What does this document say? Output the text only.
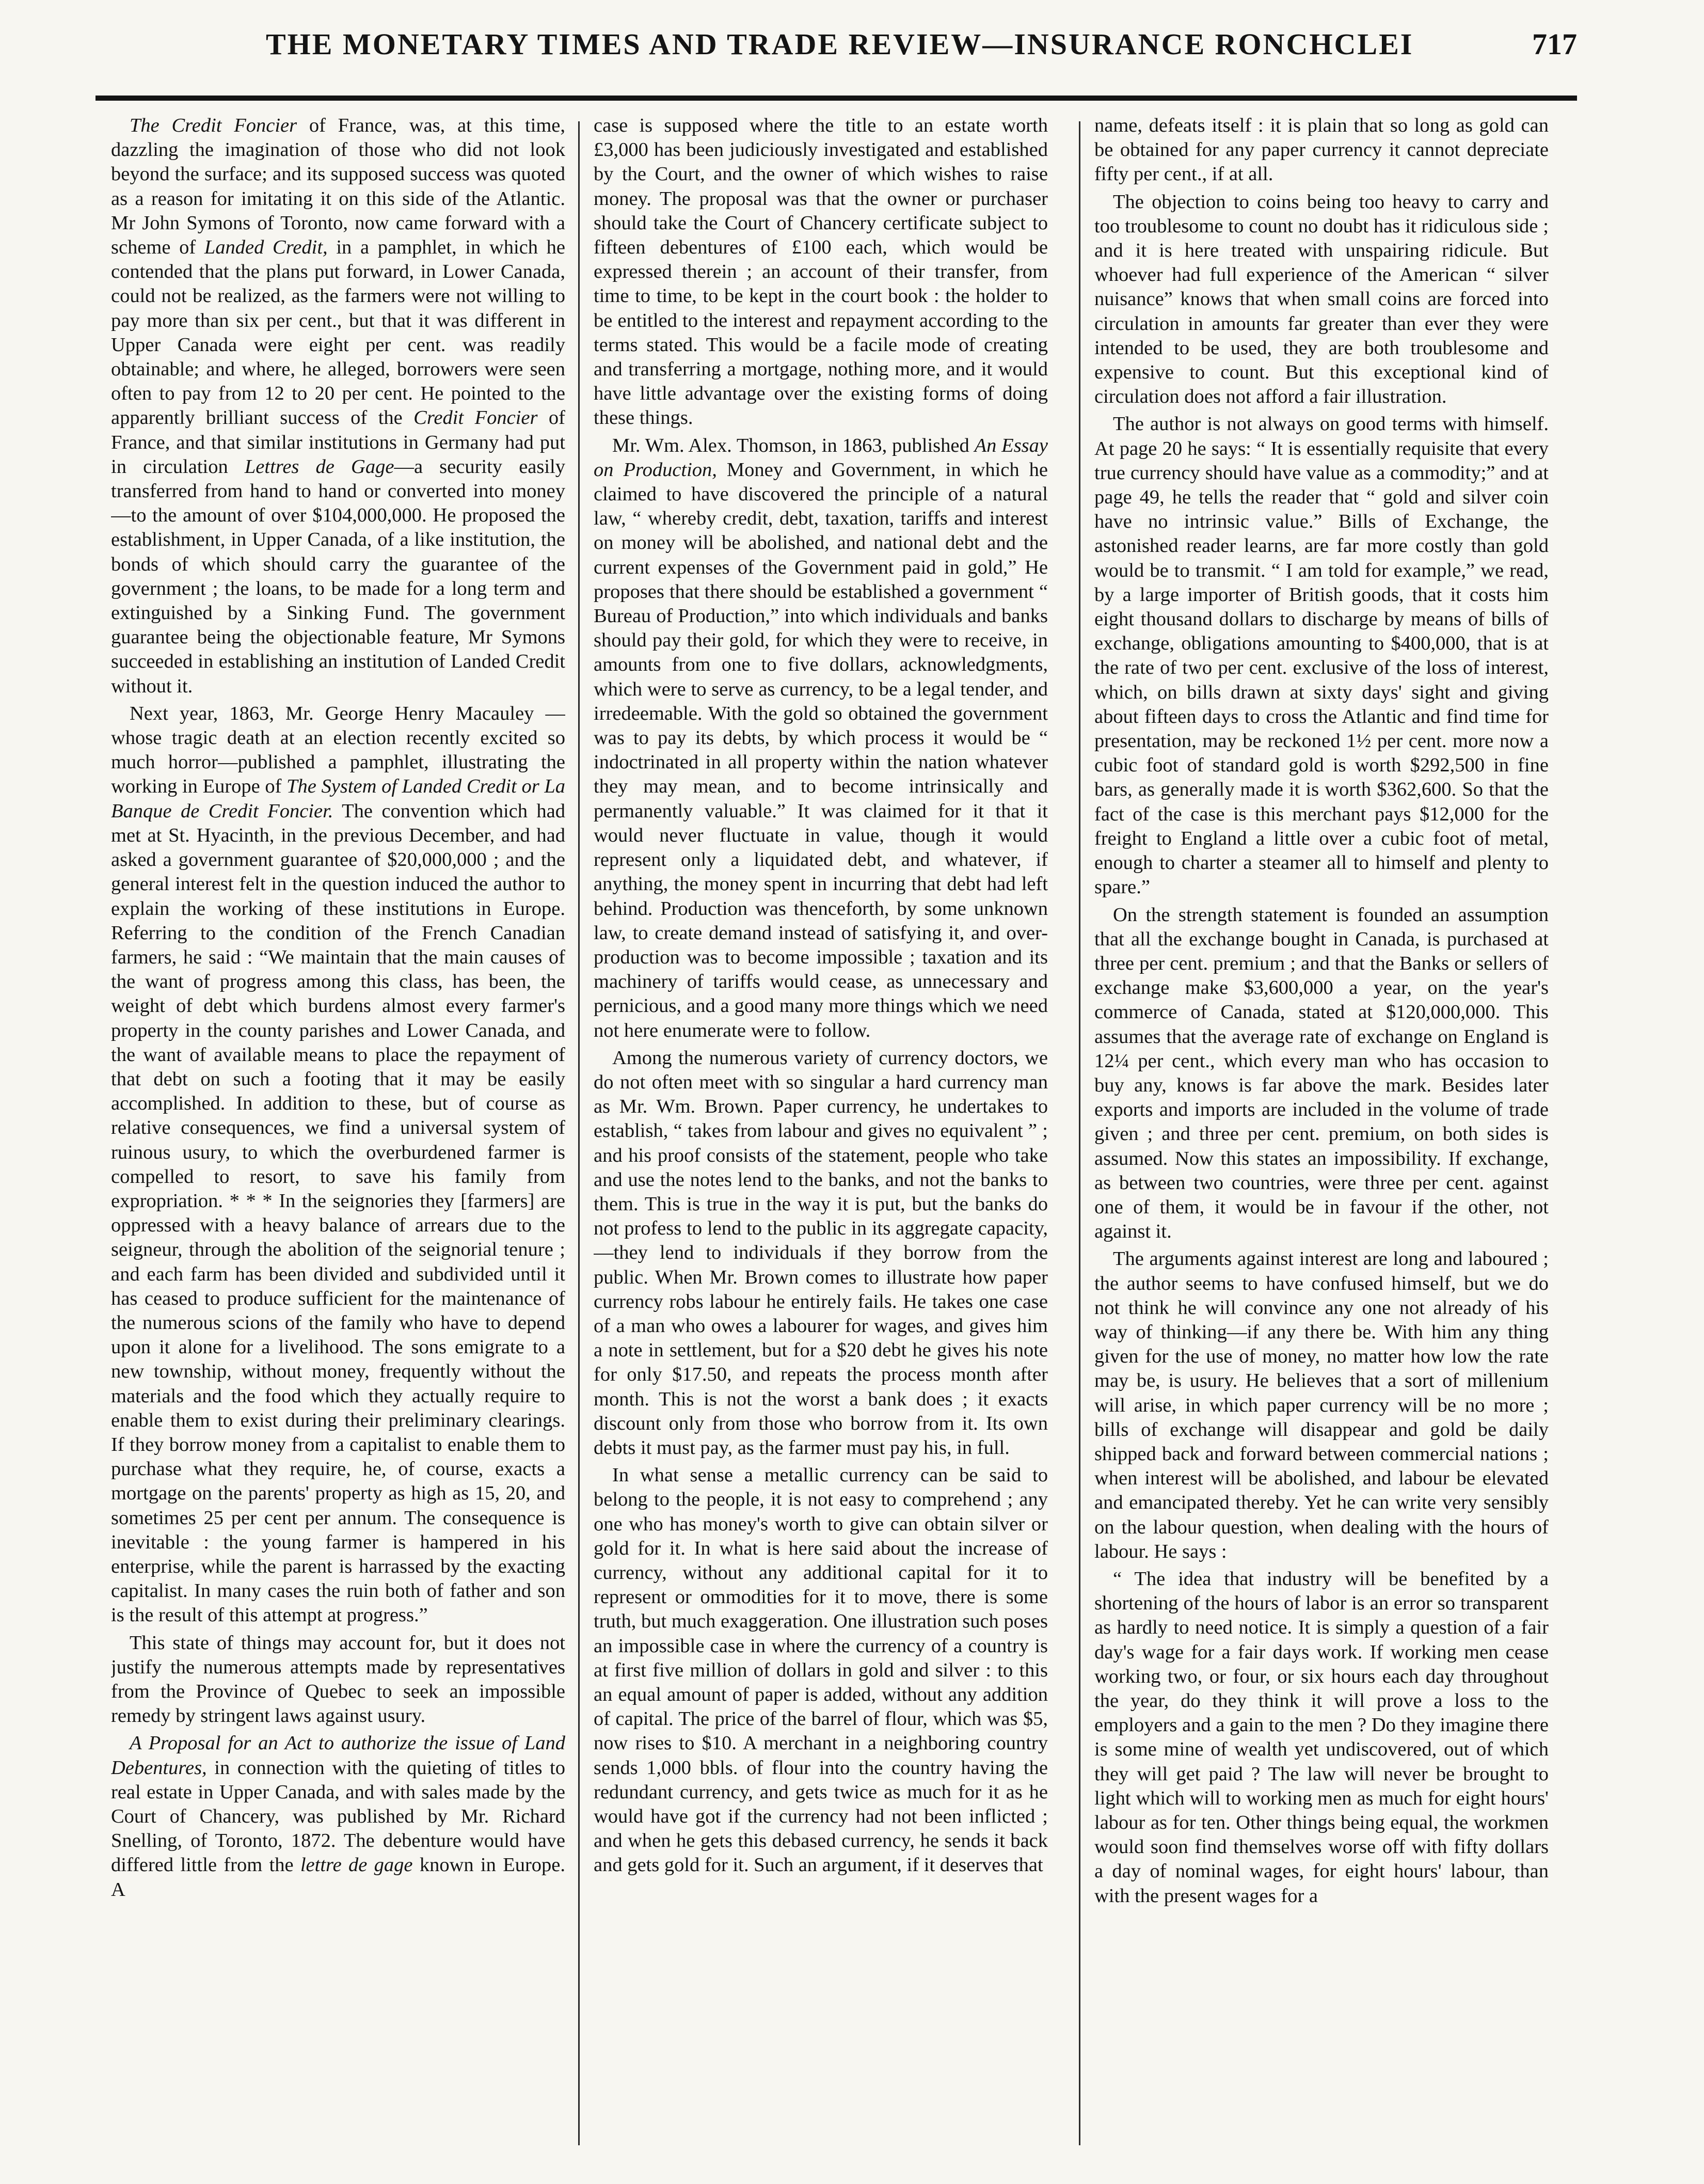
THE MONETARY TIMES AND TRADE REVIEW—INSURANCE RONCHCLEI	717

The Credit Foncier of France, was, at this time, dazzling the imagination of those who did not look beyond the surface; and its supposed success was quoted as a reason for imitating it on this side of the Atlantic. Mr John Symons of Toronto, now came forward with a scheme of Landed Credit, in a pamphlet, in which he contended that the plans put forward, in Lower Canada, could not be realized, as the farmers were not willing to pay more than six per cent., but that it was different in Upper Canada were eight per cent. was readily obtainable; and where, he alleged, borrowers were seen often to pay from 12 to 20 per cent. He pointed to the apparently brilliant success of the Credit Foncier of France, and that similar institutions in Germany had put in circulation Lettres de Gage—a security easily transferred from hand to hand or converted into money—to the amount of over $104,000,000. He proposed the establishment, in Upper Canada, of a like institution, the bonds of which should carry the guarantee of the government ; the loans, to be made for a long term and extinguished by a Sinking Fund. The government guarantee being the objectionable feature, Mr Symons succeeded in establishing an institution of Landed Credit without it.

Next year, 1863, Mr. George Henry Macauley —whose tragic death at an election recently excited so much horror—published a pamphlet, illustrating the working in Europe of The System of Landed Credit or La Banque de Credit Foncier. The convention which had met at St. Hyacinth, in the previous December, and had asked a government guarantee of $20,000,000 ; and the general interest felt in the question induced the author to explain the working of these institutions in Europe. Referring to the condition of the French Canadian farmers, he said : “We maintain that the main causes of the want of progress among this class, has been, the weight of debt which burdens almost every farmer's property in the county parishes and Lower Canada, and the want of available means to place the repayment of that debt on such a footing that it may be easily accomplished. In addition to these, but of course as relative consequences, we find a universal system of ruinous usury, to which the overburdened farmer is compelled to resort, to save his family from expropriation. * * * In the seignories they [farmers] are oppressed with a heavy balance of arrears due to the seigneur, through the abolition of the seignorial tenure ; and each farm has been divided and subdivided until it has ceased to produce sufficient for the maintenance of the numerous scions of the family who have to depend upon it alone for a livelihood. The sons emigrate to a new township, without money, frequently without the materials and the food which they actually require to enable them to exist during their preliminary clearings. If they borrow money from a capitalist to enable them to purchase what they require, he, of course, exacts a mortgage on the parents' property as high as 15, 20, and sometimes 25 per cent per annum. The consequence is inevitable : the young farmer is hampered in his enterprise, while the parent is harrassed by the exacting capitalist. In many cases the ruin both of father and son is the result of this attempt at progress.”

This state of things may account for, but it does not justify the numerous attempts made by representatives from the Province of Quebec to seek an impossible remedy by stringent laws against usury.

A Proposal for an Act to authorize the issue of Land Debentures, in connection with the quieting of titles to real estate in Upper Canada, and with sales made by the Court of Chancery, was published by Mr. Richard Snelling, of Toronto, 1872. The debenture would have differed little from the lettre de gage known in Europe. A

case is supposed where the title to an estate worth £3,000 has been judiciously investigated and established by the Court, and the owner of which wishes to raise money. The proposal was that the owner or purchaser should take the Court of Chancery certificate subject to fifteen debentures of £100 each, which would be expressed therein ; an account of their transfer, from time to time, to be kept in the court book : the holder to be entitled to the interest and repayment according to the terms stated. This would be a facile mode of creating and transferring a mortgage, nothing more, and it would have little advantage over the existing forms of doing these things.

Mr. Wm. Alex. Thomson, in 1863, published An Essay on Production, Money and Government, in which he claimed to have discovered the principle of a natural law, “ whereby credit, debt, taxation, tariffs and interest on money will be abolished, and national debt and the current expenses of the Government paid in gold,” He proposes that there should be established a government “ Bureau of Production,” into which individuals and banks should pay their gold, for which they were to receive, in amounts from one to five dollars, acknowledgments, which were to serve as currency, to be a legal tender, and irredeemable. With the gold so obtained the government was to pay its debts, by which process it would be “ indoctrinated in all property within the nation whatever they may mean, and to become intrinsically and permanently valuable.” It was claimed for it that it would never fluctuate in value, though it would represent only a liquidated debt, and whatever, if anything, the money spent in incurring that debt had left behind. Production was thenceforth, by some unknown law, to create demand instead of satisfying it, and over-production was to become impossible ; taxation and its machinery of tariffs would cease, as unnecessary and pernicious, and a good many more things which we need not here enumerate were to follow.

Among the numerous variety of currency doctors, we do not often meet with so singular a hard currency man as Mr. Wm. Brown. Paper currency, he undertakes to establish, “ takes from labour and gives no equivalent ” ; and his proof consists of the statement, people who take and use the notes lend to the banks, and not the banks to them. This is true in the way it is put, but the banks do not profess to lend to the public in its aggregate capacity,—they lend to individuals if they borrow from the public. When Mr. Brown comes to illustrate how paper currency robs labour he entirely fails. He takes one case of a man who owes a labourer for wages, and gives him a note in settlement, but for a $20 debt he gives his note for only $17.50, and repeats the process month after month. This is not the worst a bank does ; it exacts discount only from those who borrow from it. Its own debts it must pay, as the farmer must pay his, in full.

In what sense a metallic currency can be said to belong to the people, it is not easy to comprehend ; any one who has money's worth to give can obtain silver or gold for it. In what is here said about the increase of currency, without any additional capital for it to represent or ommodities for it to move, there is some truth, but much exaggeration. One illustration such poses an impossible case in where the currency of a country is at first five million of dollars in gold and silver : to this an equal amount of paper is added, without any addition of capital. The price of the barrel of flour, which was $5, now rises to $10. A merchant in a neighboring country sends 1,000 bbls. of flour into the country having the redundant currency, and gets twice as much for it as he would have got if the currency had not been inflicted ; and when he gets this debased currency, he sends it back and gets gold for it. Such an argument, if it deserves that

name, defeats itself : it is plain that so long as gold can be obtained for any paper currency it cannot depreciate fifty per cent., if at all.

The objection to coins being too heavy to carry and too troublesome to count no doubt has it ridiculous side ; and it is here treated with unspairing ridicule. But whoever had full experience of the American “ silver nuisance” knows that when small coins are forced into circulation in amounts far greater than ever they were intended to be used, they are both troublesome and expensive to count. But this exceptional kind of circulation does not afford a fair illustration.

The author is not always on good terms with himself. At page 20 he says: “ It is essentially requisite that every true currency should have value as a commodity;” and at page 49, he tells the reader that “ gold and silver coin have no intrinsic value.” Bills of Exchange, the astonished reader learns, are far more costly than gold would be to transmit. “ I am told for example,” we read, by a large importer of British goods, that it costs him eight thousand dollars to discharge by means of bills of exchange, obligations amounting to $400,000, that is at the rate of two per cent. exclusive of the loss of interest, which, on bills drawn at sixty days' sight and giving about fifteen days to cross the Atlantic and find time for presentation, may be reckoned 1½ per cent. more now a cubic foot of standard gold is worth $292,500 in fine bars, as generally made it is worth $362,600. So that the fact of the case is this merchant pays $12,000 for the freight to England a little over a cubic foot of metal, enough to charter a steamer all to himself and plenty to spare.”

On the strength statement is founded an assumption that all the exchange bought in Canada, is purchased at three per cent. premium ; and that the Banks or sellers of exchange make $3,600,000 a year, on the year's commerce of Canada, stated at $120,000,000. This assumes that the average rate of exchange on England is 12¼ per cent., which every man who has occasion to buy any, knows is far above the mark. Besides later exports and imports are included in the volume of trade given ; and three per cent. premium, on both sides is assumed. Now this states an impossibility. If exchange, as between two countries, were three per cent. against one of them, it would be in favour if the other, not against it.

The arguments against interest are long and laboured ; the author seems to have confused himself, but we do not think he will convince any one not already of his way of thinking—if any there be. With him any thing given for the use of money, no matter how low the rate may be, is usury. He believes that a sort of millenium will arise, in which paper currency will be no more ; bills of exchange will disappear and gold be daily shipped back and forward between commercial nations ; when interest will be abolished, and labour be elevated and emancipated thereby. Yet he can write very sensibly on the labour question, when dealing with the hours of labour. He says :

“ The idea that industry will be benefited by a shortening of the hours of labor is an error so transparent as hardly to need notice. It is simply a question of a fair day's wage for a fair days work. If working men cease working two, or four, or six hours each day throughout the year, do they think it will prove a loss to the employers and a gain to the men ? Do they imagine there is some mine of wealth yet undiscovered, out of which they will get paid ? The law will never be brought to light which will to working men as much for eight hours' labour as for ten. Other things being equal, the workmen would soon find themselves worse off with fifty dollars a day of nominal wages, for eight hours' labour, than with the present wages for a
